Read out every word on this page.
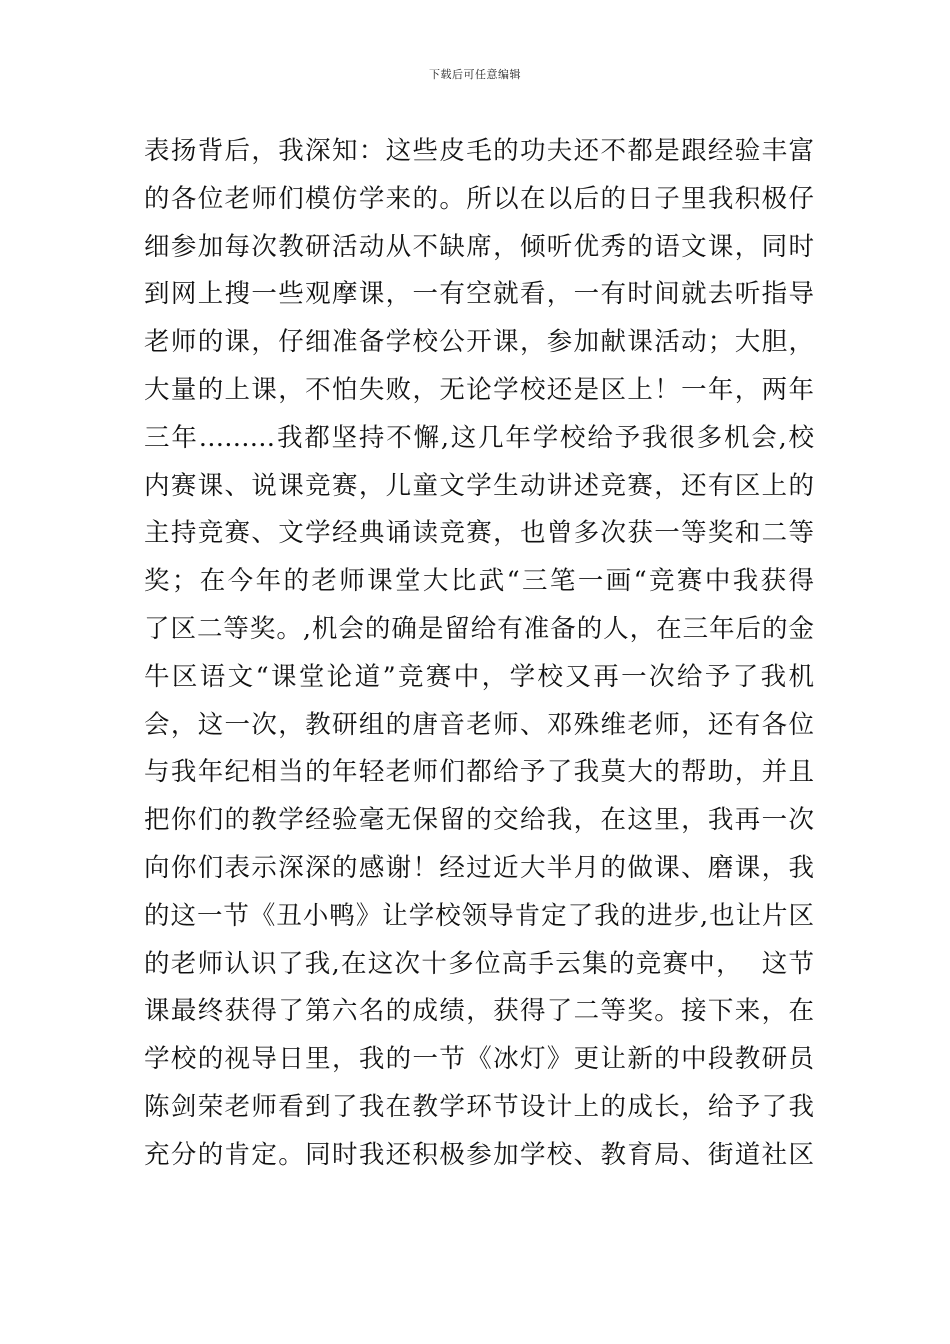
下载后可任意编辑
表扬背后，我深知：这些皮毛的功夫还不都是跟经验丰富
的各位老师们模仿学来的。所以在以后的日子里我积极仔
细参加每次教研活动从不缺席，倾听优秀的语文课，同时
到网上搜一些观摩课，一有空就看，一有时间就去听指导
老师的课，仔细准备学校公开课，参加献课活动；大胆，
大量的上课，不怕失败，无论学校还是区上！一年，两年
三年………我都坚持不懈,这几年学校给予我很多机会,校
内赛课、说课竞赛，儿童文学生动讲述竞赛，还有区上的
主持竞赛、文学经典诵读竞赛，也曾多次获一等奖和二等
奖；在今年的老师课堂大比武“三笔一画“竞赛中我获得
了区二等奖。,机会的确是留给有准备的人，在三年后的金
牛区语文“课堂论道”竞赛中，学校又再一次给予了我机
会，这一次，教研组的唐音老师、邓殊维老师，还有各位
与我年纪相当的年轻老师们都给予了我莫大的帮助，并且
把你们的教学经验毫无保留的交给我，在这里，我再一次
向你们表示深深的感谢！经过近大半月的做课、磨课，我
的这一节《丑小鸭》让学校领导肯定了我的进步,也让片区
的老师认识了我,在这次十多位高手云集的竞赛中，  这节
课最终获得了第六名的成绩，获得了二等奖。接下来，在
学校的视导日里，我的一节《冰灯》更让新的中段教研员
陈剑荣老师看到了我在教学环节设计上的成长，给予了我
充分的肯定。同时我还积极参加学校、教育局、街道社区
